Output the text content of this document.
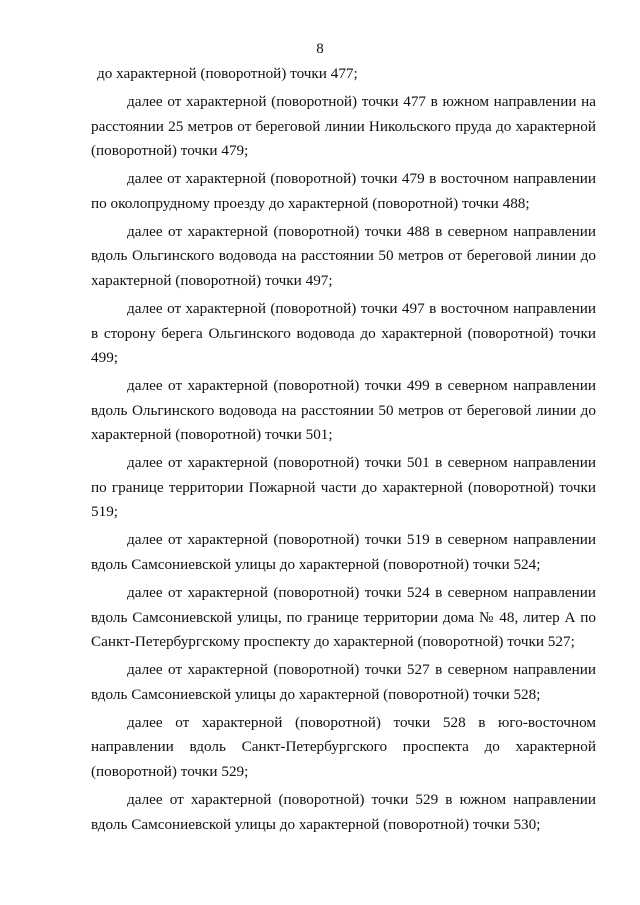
8

до характерной (поворотной) точки 477;

далее от характерной (поворотной) точки 477 в южном направлении на расстоянии 25 метров от береговой линии Никольского пруда до характерной (поворотной) точки 479;

далее от характерной (поворотной) точки 479 в восточном направлении по околопрудному проезду до характерной (поворотной) точки 488;

далее от характерной (поворотной) точки 488 в северном направлении вдоль Ольгинского водовода на расстоянии 50 метров от береговой линии до характерной (поворотной) точки 497;

далее от характерной (поворотной) точки 497 в восточном направлении в сторону берега Ольгинского водовода до характерной (поворотной) точки 499;

далее от характерной (поворотной) точки 499 в северном направлении вдоль Ольгинского водовода на расстоянии 50 метров от береговой линии до характерной (поворотной) точки 501;

далее от характерной (поворотной) точки 501 в северном направлении по границе территории Пожарной части до характерной (поворотной) точки 519;

далее от характерной (поворотной) точки 519 в северном направлении вдоль Самсониевской улицы до характерной (поворотной) точки 524;

далее от характерной (поворотной) точки 524 в северном направлении вдоль Самсониевской улицы, по границе территории дома № 48, литер А по Санкт-Петербургскому проспекту до характерной (поворотной) точки 527;

далее от характерной (поворотной) точки 527 в северном направлении вдоль Самсониевской улицы до характерной (поворотной) точки 528;

далее от характерной (поворотной) точки 528 в юго-восточном направлении вдоль Санкт-Петербургского проспекта до характерной (поворотной) точки 529;

далее от характерной (поворотной) точки 529 в южном направлении вдоль Самсониевской улицы до характерной (поворотной) точки 530;
